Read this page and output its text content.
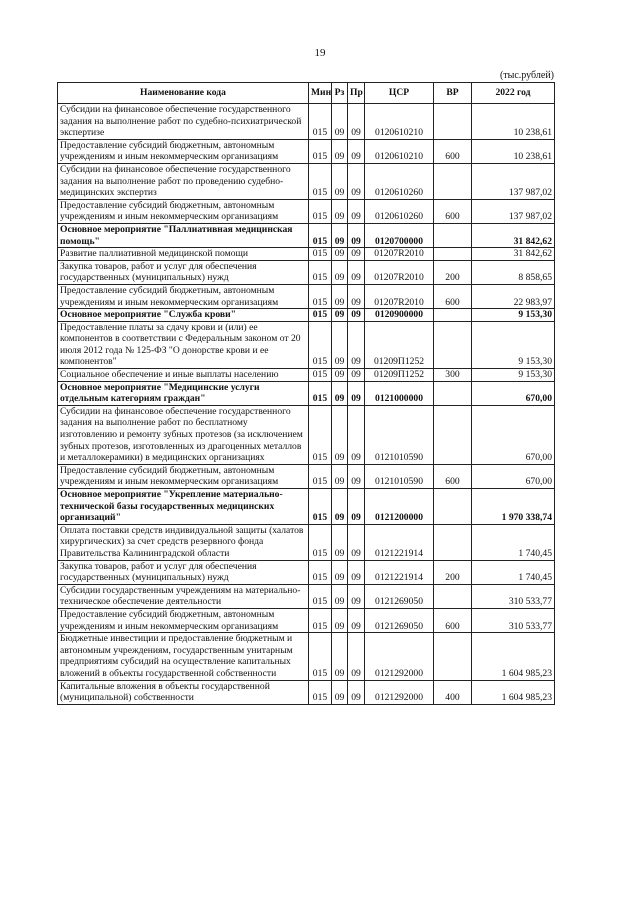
19
(тыс.рублей)
Наименование кода	Мин	Рз	Пр	ЦСР	ВР	2022 год
Субсидии на финансовое обеспечение государственного задания на выполнение работ по судебно-психиатрической экспертизе	015	09	09	0120610210		10 238,61
Предоставление субсидий бюджетным, автономным учреждениям и иным некоммерческим организациям	015	09	09	0120610210	600	10 238,61
Субсидии на финансовое обеспечение государственного задания на выполнение работ по проведению судебно-медицинских экспертиз	015	09	09	0120610260		137 987,02
Предоставление субсидий бюджетным, автономным учреждениям и иным некоммерческим организациям	015	09	09	0120610260	600	137 987,02
Основное мероприятие "Паллиативная медицинская помощь"	015	09	09	0120700000		31 842,62
Развитие паллиативной медицинской помощи	015	09	09	01207R2010		31 842,62
Закупка товаров, работ и услуг для обеспечения государственных (муниципальных) нужд	015	09	09	01207R2010	200	8 858,65
Предоставление субсидий бюджетным, автономным учреждениям и иным некоммерческим организациям	015	09	09	01207R2010	600	22 983,97
Основное мероприятие "Служба крови"	015	09	09	0120900000		9 153,30
Предоставление платы за сдачу крови и (или) ее компонентов в соответствии с Федеральным законом от 20 июля 2012 года № 125-ФЗ "О донорстве крови и ее компонентов"	015	09	09	01209П1252		9 153,30
Социальное обеспечение и иные выплаты населению	015	09	09	01209П1252	300	9 153,30
Основное мероприятие "Медицинские услуги отдельным категориям граждан"	015	09	09	0121000000		670,00
Субсидии на финансовое обеспечение государственного задания на выполнение работ по бесплатному изготовлению и ремонту зубных протезов (за исключением зубных протезов, изготовленных из драгоценных металлов и металлокерамики) в медицинских организациях	015	09	09	0121010590		670,00
Предоставление субсидий бюджетным, автономным учреждениям и иным некоммерческим организациям	015	09	09	0121010590	600	670,00
Основное мероприятие "Укрепление материально-технической базы государственных медицинских организаций"	015	09	09	0121200000		1 970 338,74
Оплата поставки средств индивидуальной защиты (халатов хирургических) за счет средств резервного фонда Правительства Калининградской области	015	09	09	0121221914		1 740,45
Закупка товаров, работ и услуг для обеспечения государственных (муниципальных) нужд	015	09	09	0121221914	200	1 740,45
Субсидии государственным учреждениям на материально-техническое обеспечение деятельности	015	09	09	0121269050		310 533,77
Предоставление субсидий бюджетным, автономным учреждениям и иным некоммерческим организациям	015	09	09	0121269050	600	310 533,77
Бюджетные инвестиции и предоставление бюджетным и автономным учреждениям, государственным унитарным предприятиям субсидий на осуществление капитальных вложений в объекты государственной собственности	015	09	09	0121292000		1 604 985,23
Капитальные вложения в объекты государственной (муниципальной) собственности	015	09	09	0121292000	400	1 604 985,23
